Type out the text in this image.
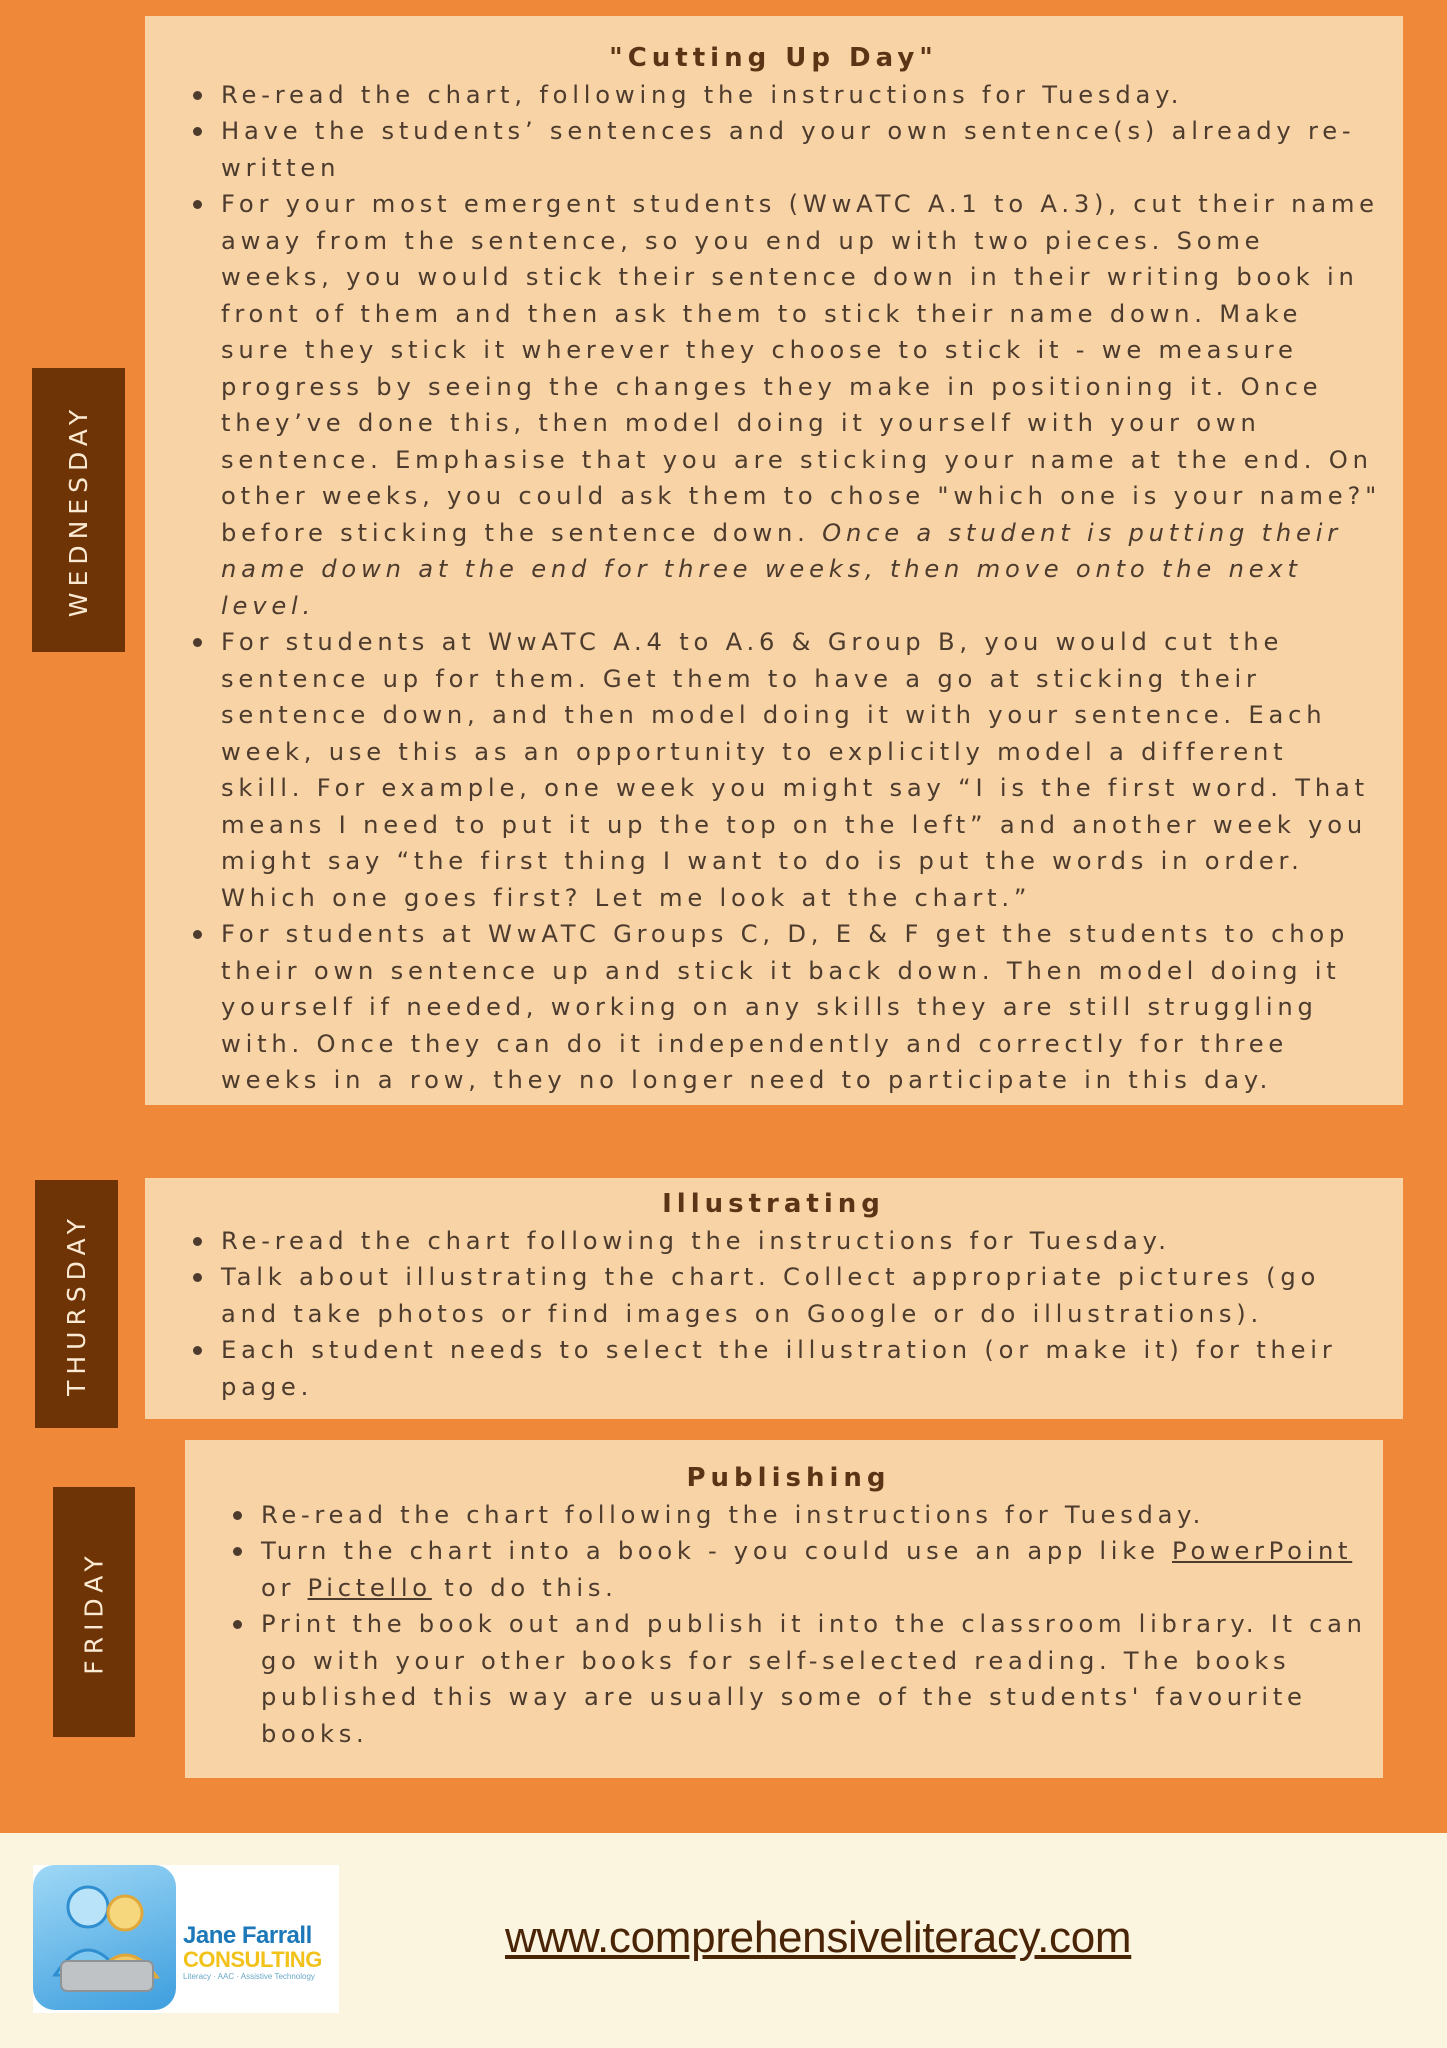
WEDNESDAY
"Cutting Up Day"
Re-read the chart, following the instructions for Tuesday.
Have the students’ sentences and your own sentence(s) already re-written
For your most emergent students (WwATC A.1 to A.3), cut their name away from the sentence, so you end up with two pieces. Some weeks, you would stick their sentence down in their writing book in front of them and then ask them to stick their name down. Make sure they stick it wherever they choose to stick it - we measure progress by seeing the changes they make in positioning it. Once they’ve done this, then model doing it yourself with your own sentence. Emphasise that you are sticking your name at the end. On other weeks, you could ask them to chose "which one is your name?" before sticking the sentence down. Once a student is putting their name down at the end for three weeks, then move onto the next level.
For students at WwATC A.4 to A.6 & Group B, you would cut the sentence up for them. Get them to have a go at sticking their sentence down, and then model doing it with your sentence. Each week, use this as an opportunity to explicitly model a different skill. For example, one week you might say “I is the first word. That means I need to put it up the top on the left” and another week you might say “the first thing I want to do is put the words in order. Which one goes first? Let me look at the chart.”
For students at WwATC Groups C, D, E & F get the students to chop their own sentence up and stick it back down. Then model doing it yourself if needed, working on any skills they are still struggling with. Once they can do it independently and correctly for three weeks in a row, they no longer need to participate in this day.
THURSDAY
Illustrating
Re-read the chart following the instructions for Tuesday.
Talk about illustrating the chart. Collect appropriate pictures (go and take photos or find images on Google or do illustrations).
Each student needs to select the illustration (or make it) for their page.
FRIDAY
Publishing
Re-read the chart following the instructions for Tuesday.
Turn the chart into a book - you could use an app like PowerPoint or Pictello to do this.
Print the book out and publish it into the classroom library. It can go with your other books for self-selected reading. The books published this way are usually some of the students' favourite books.
Jane Farrall
CONSULTING
Literacy · AAC · Assistive Technology
www.comprehensiveliteracy.com
